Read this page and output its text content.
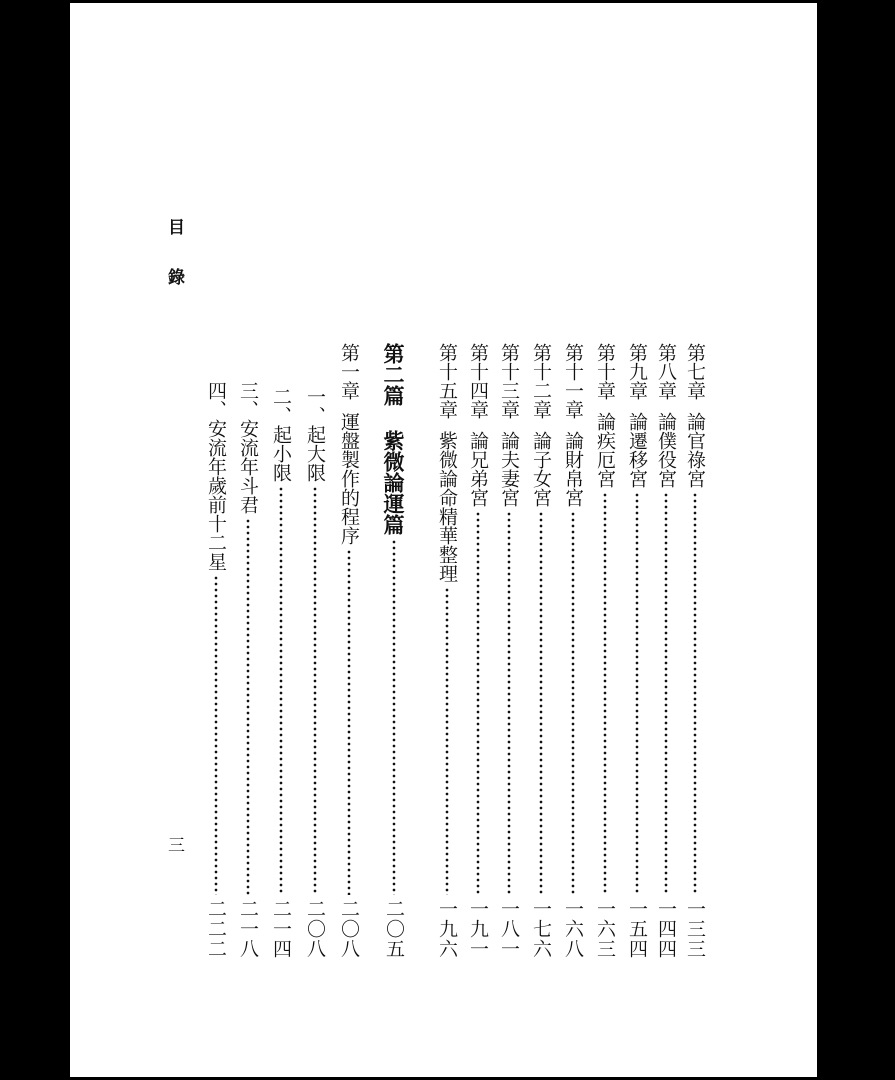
第七章
論官祿宮
一三三
第八章
論僕役宮
一四四
第九章
論遷移宮
一五四
第十章
論疾厄宮
一六三
第十一章
論財帛宮
一六八
第十二章
論子女宮
一七六
第十三章
論夫妻宮
一八一
第十四章
論兄弟宮
一九一
第十五章
紫微論命精華整理
一九六
第二篇
紫微論運篇
二〇五
第一章
運盤製作的程序
二〇八
一、
起大限
二〇八
二、
起小限
二一四
三、
安流年斗君
二一八
四、
安流年歲前十二星
二二二
目
錄
三
